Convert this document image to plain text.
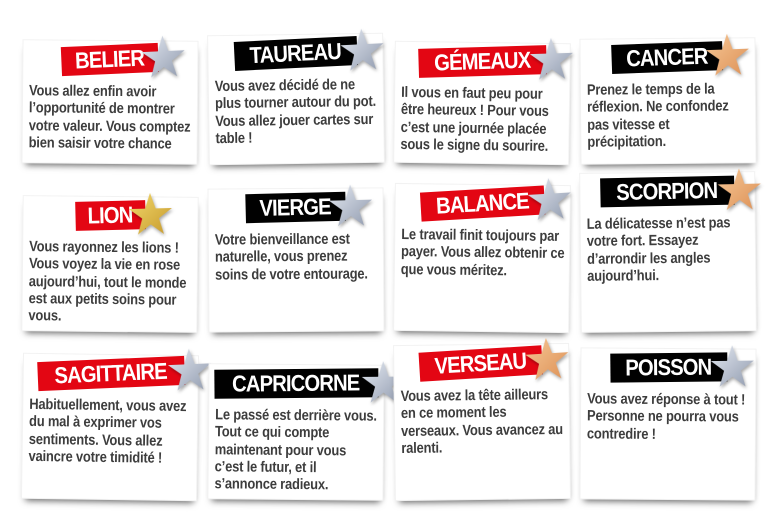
BELIER

Vous allez enfin avoir
l’opportunité de montrer
votre valeur. Vous comptez
bien saisir votre chance

TAUREAU

Vous avez décidé de ne
plus tourner autour du pot.
Vous allez jouer cartes sur
table !

GÉMEAUX

Il vous en faut peu pour
être heureux ! Pour vous
c’est une journée placée
sous le signe du sourire.

CANCER

Prenez le temps de la
réflexion. Ne confondez
pas vitesse et
précipitation.

LION

Vous rayonnez les lions !
Vous voyez la vie en rose
aujourd’hui, tout le monde
est aux petits soins pour
vous.

VIERGE

Votre bienveillance est
naturelle, vous prenez
soins de votre entourage.

BALANCE

Le travail finit toujours par
payer. Vous allez obtenir ce
que vous méritez.

SCORPION

La délicatesse n’est pas
votre fort. Essayez
d’arrondir les angles
aujourd’hui.

SAGITTAIRE

Habituellement, vous avez
du mal à exprimer vos
sentiments. Vous allez
vaincre votre timidité !

CAPRICORNE

Le passé est derrière vous.
Tout ce qui compte
maintenant pour vous
c’est le futur, et il
s’annonce radieux.

VERSEAU

Vous avez la tête ailleurs
en ce moment les
verseaux. Vous avancez au
ralenti.

POISSON

Vous avez réponse à tout !
Personne ne pourra vous
contredire !
